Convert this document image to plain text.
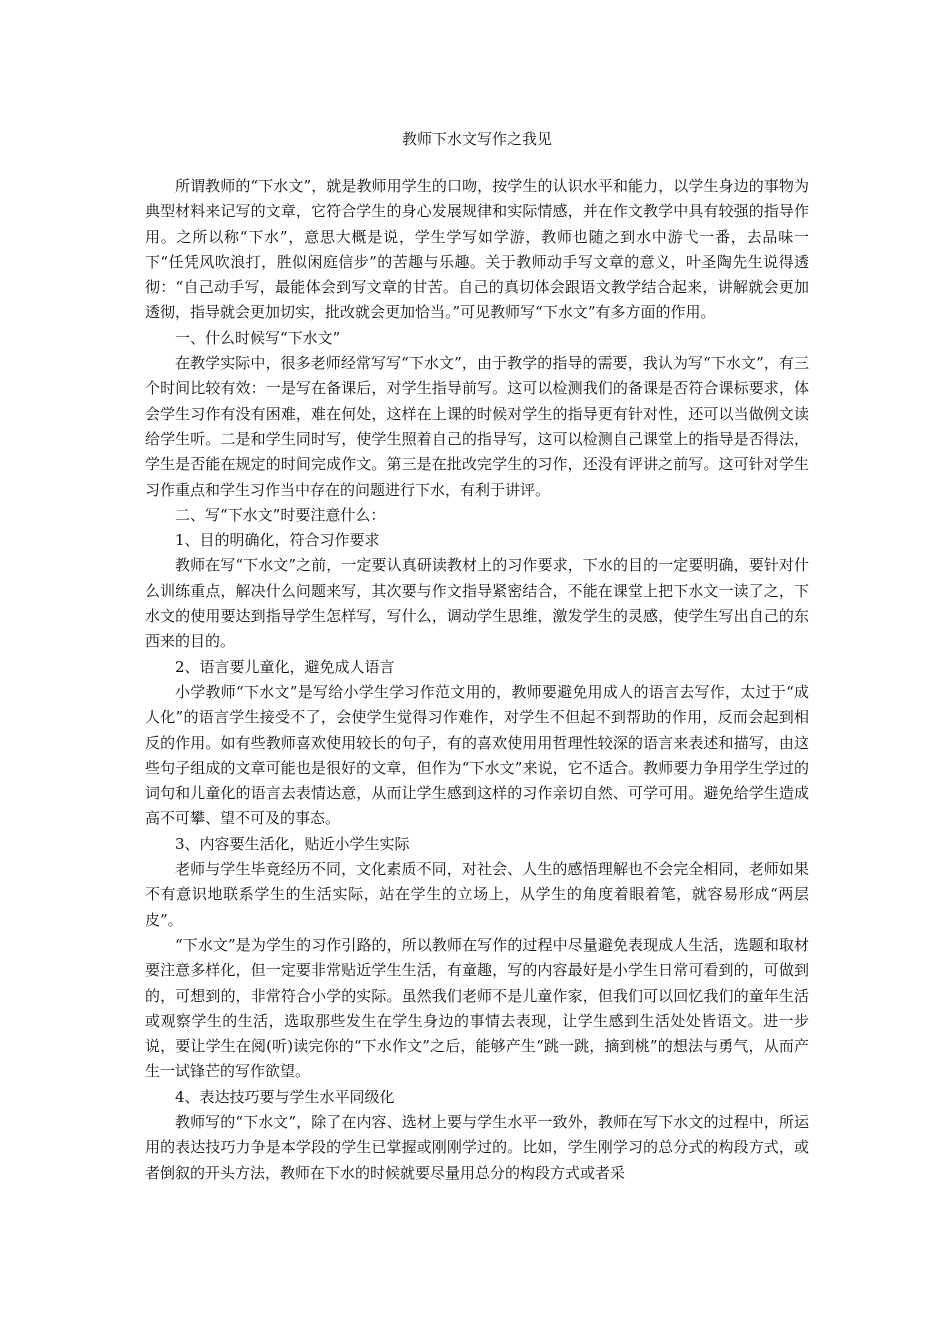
教师下水文写作之我见

所谓教师的“下水文”，就是教师用学生的口吻，按学生的认识水平和能力，以学生身边的事物为典型材料来记写的文章，它符合学生的身心发展规律和实际情感，并在作文教学中具有较强的指导作用。之所以称“下水”，意思大概是说，学生学写如学游，教师也随之到水中游弋一番，去品味一下“任凭风吹浪打，胜似闲庭信步”的苦趣与乐趣。关于教师动手写文章的意义，叶圣陶先生说得透彻：“自己动手写，最能体会到写文章的甘苦。自己的真切体会跟语文教学结合起来，讲解就会更加透彻，指导就会更加切实，批改就会更加恰当。”可见教师写“下水文”有多方面的作用。

一、什么时候写“下水文”

在教学实际中，很多老师经常写写“下水文”，由于教学的指导的需要，我认为写“下水文”，有三个时间比较有效：一是写在备课后，对学生指导前写。这可以检测我们的备课是否符合课标要求，体会学生习作有没有困难，难在何处，这样在上课的时候对学生的指导更有针对性，还可以当做例文读给学生听。二是和学生同时写，使学生照着自己的指导写，这可以检测自己课堂上的指导是否得法，学生是否能在规定的时间完成作文。第三是在批改完学生的习作，还没有评讲之前写。这可针对学生习作重点和学生习作当中存在的问题进行下水，有利于讲评。

二、写“下水文”时要注意什么：

1、目的明确化，符合习作要求

教师在写“下水文”之前，一定要认真研读教材上的习作要求，下水的目的一定要明确，要针对什么训练重点，解决什么问题来写，其次要与作文指导紧密结合，不能在课堂上把下水文一读了之，下水文的使用要达到指导学生怎样写，写什么，调动学生思维，激发学生的灵感，使学生写出自己的东西来的目的。

2、语言要儿童化，避免成人语言

小学教师“下水文”是写给小学生学习作范文用的，教师要避免用成人的语言去写作，太过于“成人化”的语言学生接受不了，会使学生觉得习作难作，对学生不但起不到帮助的作用，反而会起到相反的作用。如有些教师喜欢使用较长的句子，有的喜欢使用用哲理性较深的语言来表述和描写，由这些句子组成的文章可能也是很好的文章，但作为“下水文”来说，它不适合。教师要力争用学生学过的词句和儿童化的语言去表情达意，从而让学生感到这样的习作亲切自然、可学可用。避免给学生造成高不可攀、望不可及的事态。

3、内容要生活化，贴近小学生实际

老师与学生毕竟经历不同，文化素质不同，对社会、人生的感悟理解也不会完全相同，老师如果不有意识地联系学生的生活实际，站在学生的立场上，从学生的角度着眼着笔，就容易形成“两层皮”。

“下水文”是为学生的习作引路的，所以教师在写作的过程中尽量避免表现成人生活，选题和取材要注意多样化，但一定要非常贴近学生生活，有童趣，写的内容最好是小学生日常可看到的，可做到的，可想到的，非常符合小学的实际。虽然我们老师不是儿童作家，但我们可以回忆我们的童年生活或观察学生的生活，选取那些发生在学生身边的事情去表现，让学生感到生活处处皆语文。进一步说，要让学生在阅(听)读完你的“下水作文”之后，能够产生“跳一跳，摘到桃”的想法与勇气，从而产生一试锋芒的写作欲望。

4、表达技巧要与学生水平同级化

教师写的“下水文”，除了在内容、选材上要与学生水平一致外，教师在写下水文的过程中，所运用的表达技巧力争是本学段的学生已掌握或刚刚学过的。比如，学生刚学习的总分式的构段方式，或者倒叙的开头方法，教师在下水的时候就要尽量用总分的构段方式或者采
